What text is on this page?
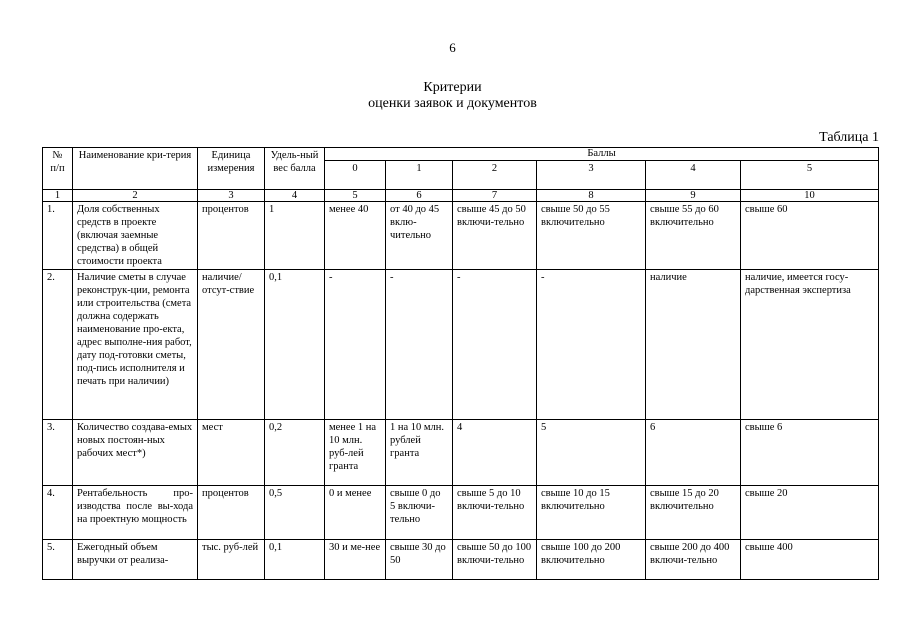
6
Критерии
оценки заявок и документов
Таблица 1
№ п/п	Наименование кри-терия	Единица измерения	Удель-ный вес балла	Баллы					
				0	1	2	3	4	5
1	2	3	4	5	6	7	8	9	10
1.	Доля собственных средств в проекте (включая заемные средства) в общей стоимости проекта	процентов	1	менее 40	от 40 до 45 вклю-чительно	свыше 45 до 50 включи-тельно	свыше 50 до 55 включительно	свыше 55 до 60 включительно	свыше 60
2.	Наличие сметы в случае реконструк-ции, ремонта или строительства (смета должна содержать наименование про-екта, адрес выполне-ния работ, дату под-готовки сметы, под-пись исполнителя и печать при наличии)	наличие/ отсут-ствие	0,1	-	-	-	-	наличие	наличие, имеется госу-дарственная экспертиза
3.	Количество создава-емых новых постоян-ных рабочих мест*)	мест	0,2	менее 1 на 10 млн. руб-лей гранта	1 на 10 млн. рублей гранта	4	5	6	свыше 6
4.	Рентабельность про-изводства после вы-хода на проектную мощность	процентов	0,5	0 и менее	свыше 0 до 5 включи-тельно	свыше 5 до 10 включи-тельно	свыше 10 до 15 включительно	свыше 15 до 20 включительно	свыше 20
5.	Ежегодный объем выручки от реализа-	тыс. руб-лей	0,1	30 и ме-нее	свыше 30 до 50	свыше 50 до 100 включи-тельно	свыше 100 до 200 включительно	свыше 200 до 400 включи-тельно	свыше 400
